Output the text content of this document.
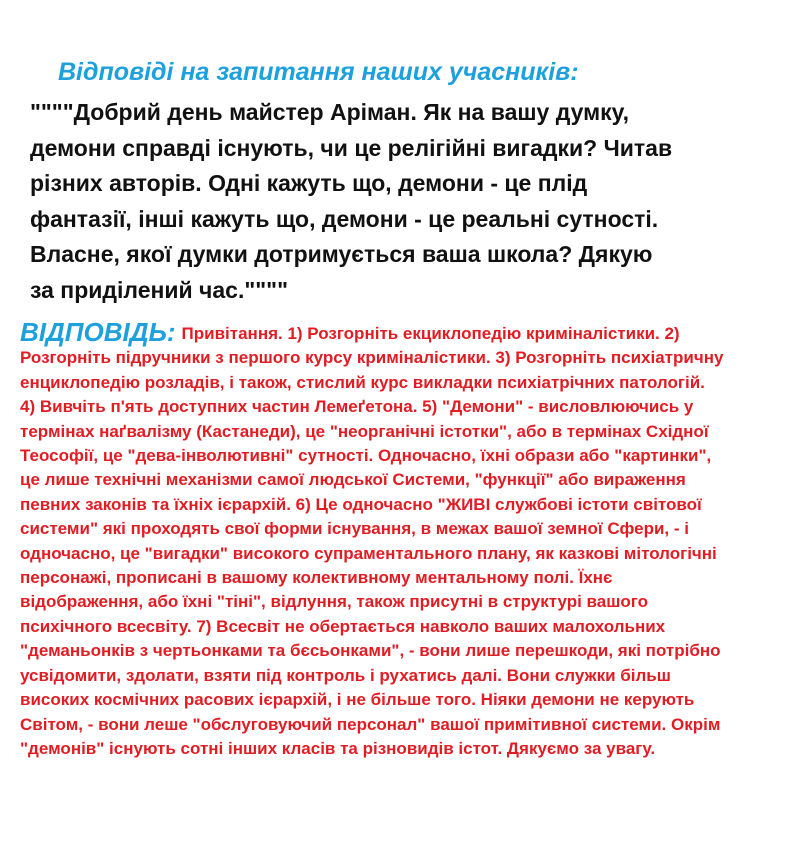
Відповіді на запитання наших учасників:
""""Добрий день майстер Аріман. Як на вашу думку,
демони справді існують, чи це релігійні вигадки? Читав
різних авторів. Одні кажуть що, демони - це плід
фантазії, інші кажуть що, демони - це реальні сутності.
Власне, якої думки дотримується ваша школа? Дякую
за приділений час.""""
ВІДПОВІДЬ: Привітання. 1) Розгорніть екциклопедію криміналістики. 2)
Розгорніть підручники з першого курсу криміналістики. 3) Розгорніть психіатричну
енциклопедію розладів, і також, стислий курс викладки психіатрічних патологій.
4) Вивчіть п'ять доступних частин Лемеґетона. 5) "Демони" - висловлюючись у
термінах наґвалізму (Кастанеди), це "неорганічні істотки", або в термінах Східної
Теософії, це "дева-інволютивні" сутності. Одночасно, їхні образи або "картинки",
це лише технічні механізми самої людської Системи, "функції" або вираження
певних законів та їхніх ієрархій. 6) Це одночасно "ЖИВІ службові істоти світової
системи" які проходять свої форми існування, в межах вашої земної Сфери, - і
одночасно, це "вигадки" високого супраментального плану, як казкові мітологічні
персонажі, прописані в вашому колективному ментальному полі. Їхнє
відображення, або їхні "тіні", відлуння, також присутні в структурі вашого
психічного всесвіту. 7) Всесвіт не обертається навколо ваших малохольних
"деманьонків з чертьонками та бєсьонками", - вони лише перешкоди, які потрібно
усвідомити, здолати, взяти під контроль і рухатись далі. Вони служки більш
високих космічних расових ієрархій, і не більше того. Ніяки демони не керують
Світом, - вони леше "обслуговуючий персонал" вашої примітивної системи. Окрім
"демонів" існують сотні інших класів та різновидів істот. Дякуємо за увагу.
